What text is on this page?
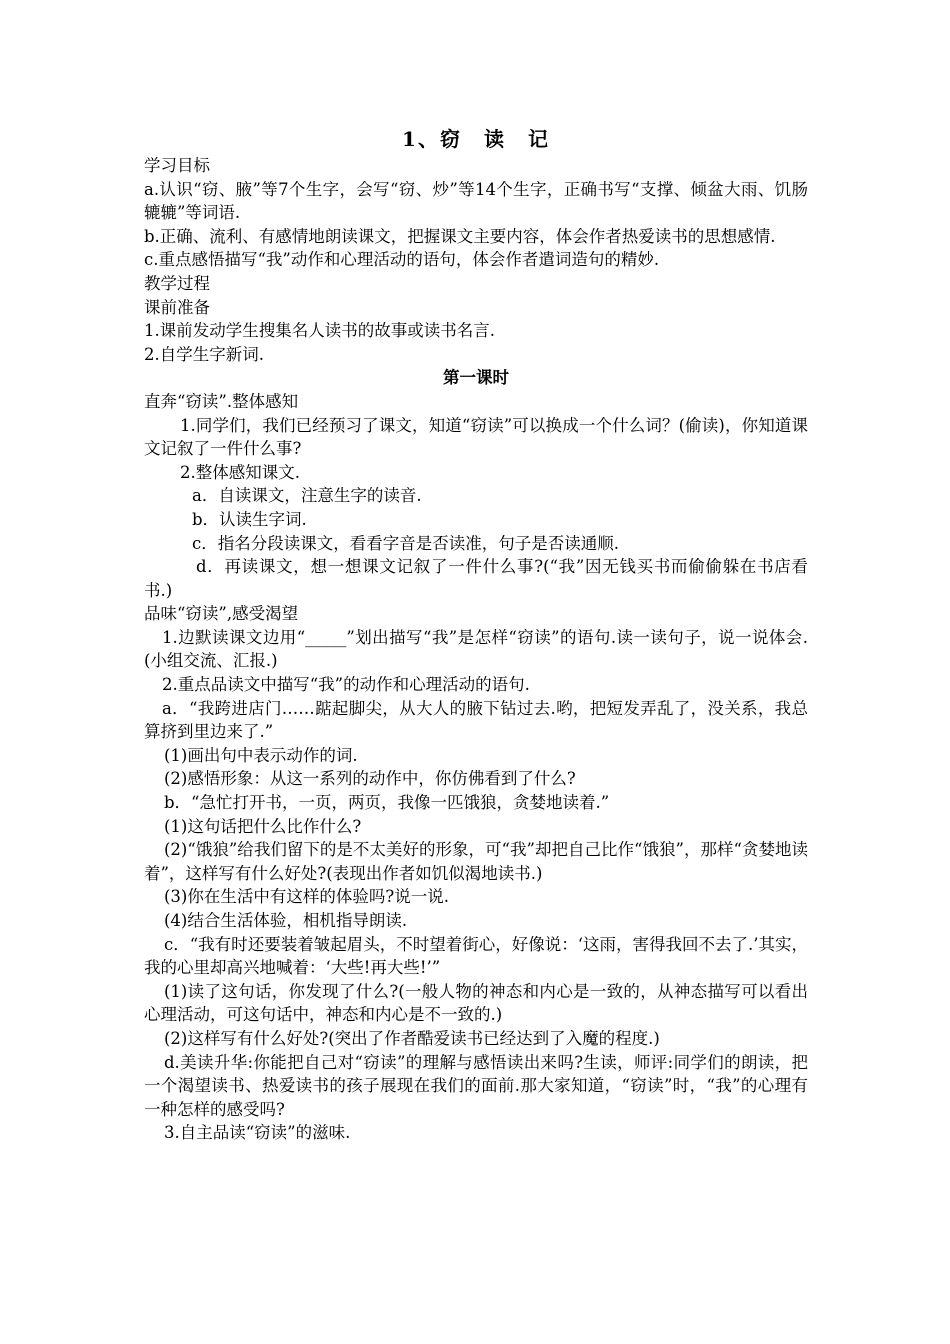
1、窃　读　记

学习目标

a.认识“窃、腋”等7个生字，会写“窃、炒”等14个生字，正确书写“支撑、倾盆大雨、饥肠辘辘”等词语.

b.正确、流利、有感情地朗读课文，把握课文主要内容，体会作者热爱读书的思想感情.

c.重点感悟描写“我”动作和心理活动的语句，体会作者遣词造句的精妙.

教学过程

课前准备

1.课前发动学生搜集名人读书的故事或读书名言.

2.自学生字新词.

第一课时

直奔“窃读”.整体感知

1.同学们，我们已经预习了课文，知道“窃读”可以换成一个什么词？(偷读)，你知道课文记叙了一件什么事?

2.整体感知课文.

a．自读课文，注意生字的读音.

b．认读生字词.

c．指名分段读课文，看看字音是否读准，句子是否读通顺.

d．再读课文，想一想课文记叙了一件什么事?(“我”因无钱买书而偷偷躲在书店看书.)

品味“窃读”,感受渴望

1.边默读课文边用“_____”划出描写“我”是怎样“窃读”的语句.读一读句子，说一说体会.(小组交流、汇报.)

2.重点品读文中描写“我”的动作和心理活动的语句.

a．“我跨进店门……踮起脚尖，从大人的腋下钻过去.哟，把短发弄乱了，没关系，我总算挤到里边来了.”

(1)画出句中表示动作的词.

(2)感悟形象：从这一系列的动作中，你仿佛看到了什么?

b．“急忙打开书，一页，两页，我像一匹饿狼，贪婪地读着.”

(1)这句话把什么比作什么?

(2)“饿狼”给我们留下的是不太美好的形象，可“我”却把自己比作“饿狼”，那样“贪婪地读着”，这样写有什么好处?(表现出作者如饥似渴地读书.)

(3)你在生活中有这样的体验吗?说一说.

(4)结合生活体验，相机指导朗读.

c．“我有时还要装着皱起眉头，不时望着街心，好像说：‘这雨，害得我回不去了.’其实，我的心里却高兴地喊着：‘大些!再大些!’”

(1)读了这句话，你发现了什么?(一般人物的神态和内心是一致的，从神态描写可以看出心理活动，可这句话中，神态和内心是不一致的.)

(2)这样写有什么好处?(突出了作者酷爱读书已经达到了入魔的程度.)

d.美读升华:你能把自己对“窃读”的理解与感悟读出来吗?生读，师评:同学们的朗读，把一个渴望读书、热爱读书的孩子展现在我们的面前.那大家知道，“窃读”时，“我”的心理有一种怎样的感受吗?

3.自主品读“窃读”的滋味.
